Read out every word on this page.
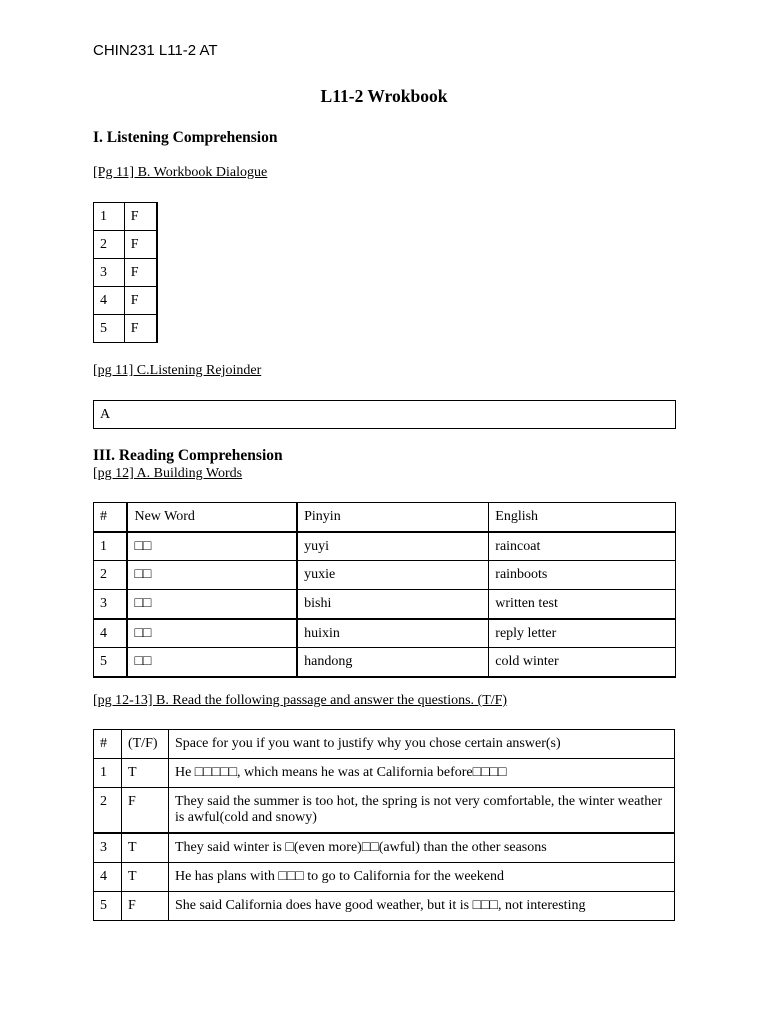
CHIN231 L11-2 AT
L11-2 Wrokbook
I. Listening Comprehension
[Pg 11] B. Workbook Dialogue
1	F
2	F
3	F
4	F
5	F
[pg 11] C.Listening Rejoinder
A
III. Reading Comprehension
[pg 12] A. Building Words
#	New Word	Pinyin	English
1	□□	yuyi	raincoat
2	□□	yuxie	rainboots
3	□□	bishi	written test
4	□□	huixin	reply letter
5	□□	handong	cold winter
[pg 12-13] B. Read the following passage and answer the questions. (T/F)
#	(T/F)	Space for you if you want to justify why you chose certain answer(s)
1	T	He □□□□□, which means he was at California before□□□□
2	F	They said the summer is too hot, the spring is not very comfortable, the winter weather is awful(cold and snowy)
3	T	They said winter is □(even more)□□(awful) than the other seasons
4	T	He has plans with □□□ to go to California for the weekend
5	F	She said California does have good weather, but it is □□□, not interesting
